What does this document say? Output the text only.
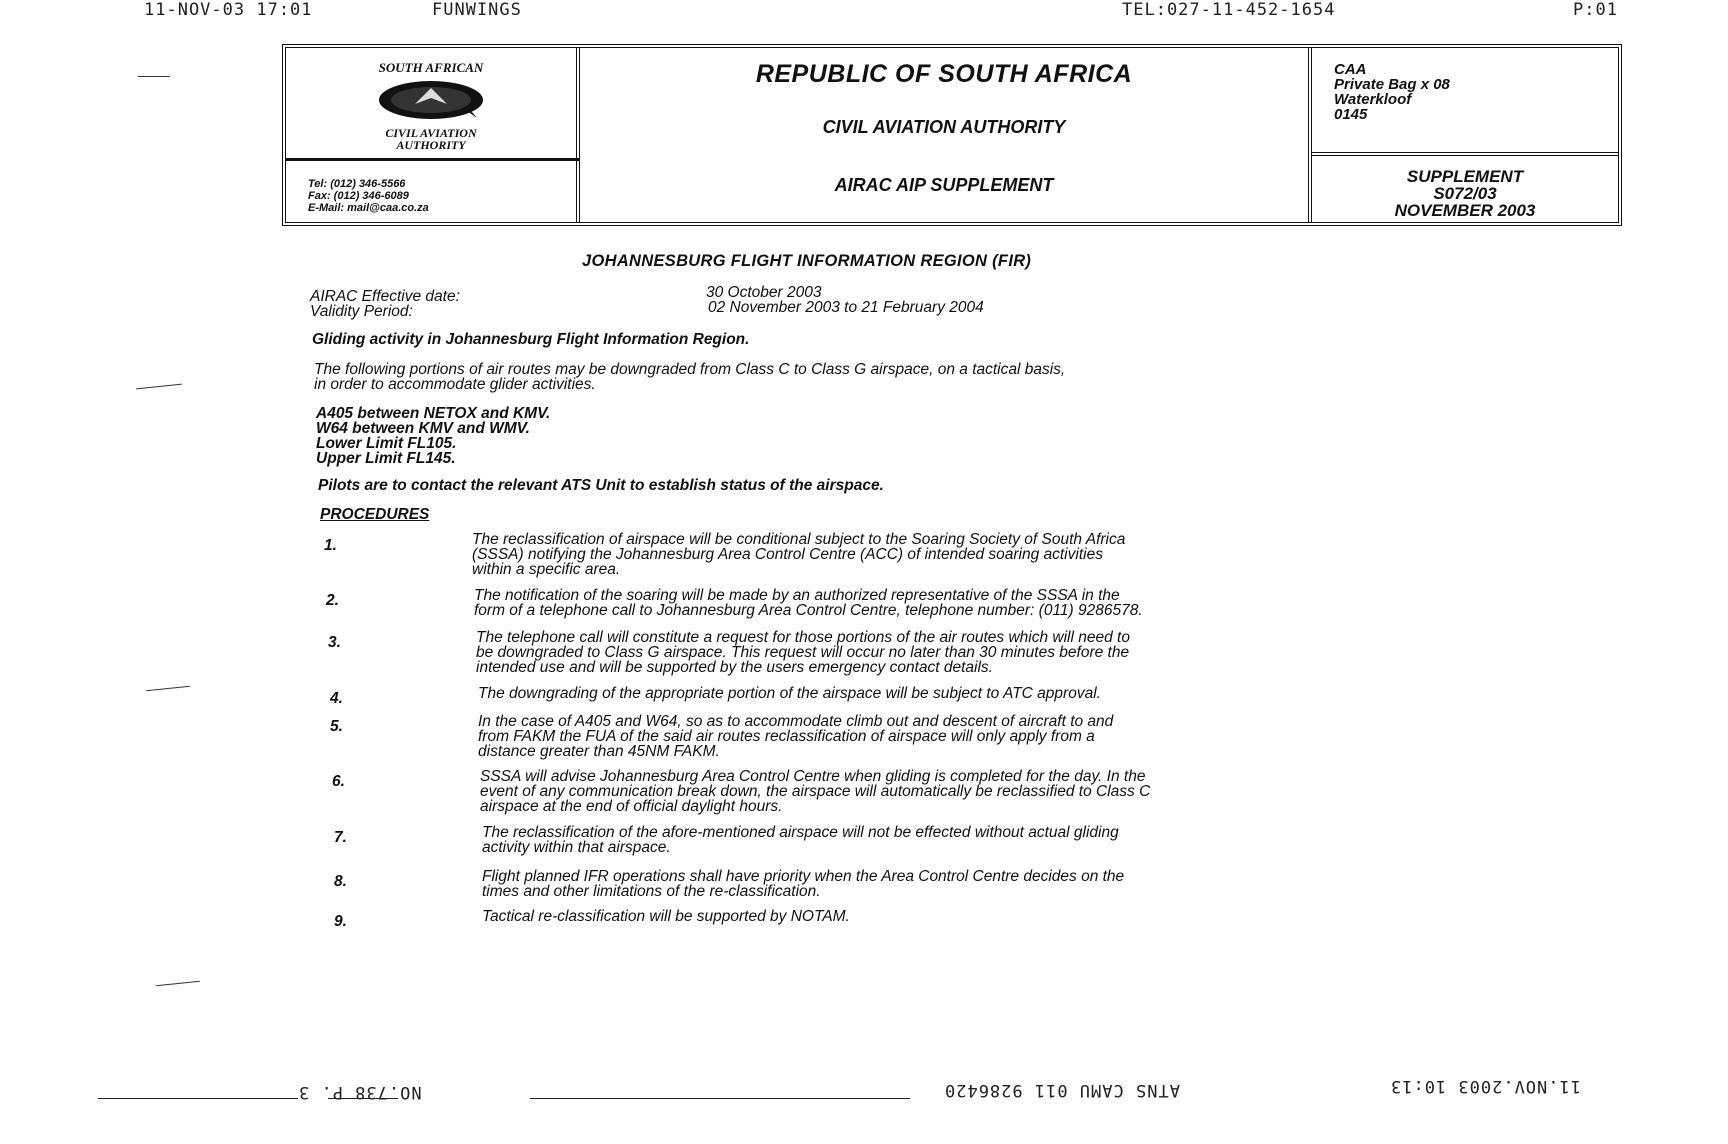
11-NOV-03 17:01	FUNWINGS	TEL:027-11-452-1654	P:01
SOUTH AFRICAN
CIVIL AVIATION
AUTHORITY
Tel: (012) 346-5566
Fax: (012) 346-6089
E-Mail: mail@caa.co.za
REPUBLIC OF SOUTH AFRICA
CIVIL AVIATION AUTHORITY
AIRAC AIP SUPPLEMENT
CAA
Private Bag x 08
Waterkloof
0145
SUPPLEMENT
S072/03
NOVEMBER 2003
JOHANNESBURG FLIGHT INFORMATION REGION (FIR)
AIRAC Effective date:	30 October 2003
Validity Period:	02 November 2003 to 21 February 2004
Gliding activity in Johannesburg Flight Information Region.
The following portions of air routes may be downgraded from Class C to Class G airspace, on a tactical basis,
in order to accommodate glider activities.
A405 between NETOX and KMV.
W64 between KMV and WMV.
Lower Limit FL105.
Upper Limit FL145.
Pilots are to contact the relevant ATS Unit to establish status of the airspace.
PROCEDURES
1.	The reclassification of airspace will be conditional subject to the Soaring Society of South Africa
(SSSA) notifying the Johannesburg Area Control Centre (ACC) of intended soaring activities
within a specific area.
2.	The notification of the soaring will be made by an authorized representative of the SSSA in the
form of a telephone call to Johannesburg Area Control Centre, telephone number: (011) 9286578.
3.	The telephone call will constitute a request for those portions of the air routes which will need to
be downgraded to Class G airspace. This request will occur no later than 30 minutes before the
intended use and will be supported by the users emergency contact details.
4.	The downgrading of the appropriate portion of the airspace will be subject to ATC approval.
5.	In the case of A405 and W64, so as to accommodate climb out and descent of aircraft to and
from FAKM the FUA of the said air routes reclassification of airspace will only apply from a
distance greater than 45NM FAKM.
6.	SSSA will advise Johannesburg Area Control Centre when gliding is completed for the day. In the
event of any communication break down, the airspace will automatically be reclassified to Class C
airspace at the end of official daylight hours.
7.	The reclassification of the afore-mentioned airspace will not be effected without actual gliding
activity within that airspace.
8.	Flight planned IFR operations shall have priority when the Area Control Centre decides on the
times and other limitations of the re-classification.
9.	Tactical re-classification will be supported by NOTAM.
NO.738 P. 3	ATNS CAMU 011 9286420	11.NOV.2003 10:13
